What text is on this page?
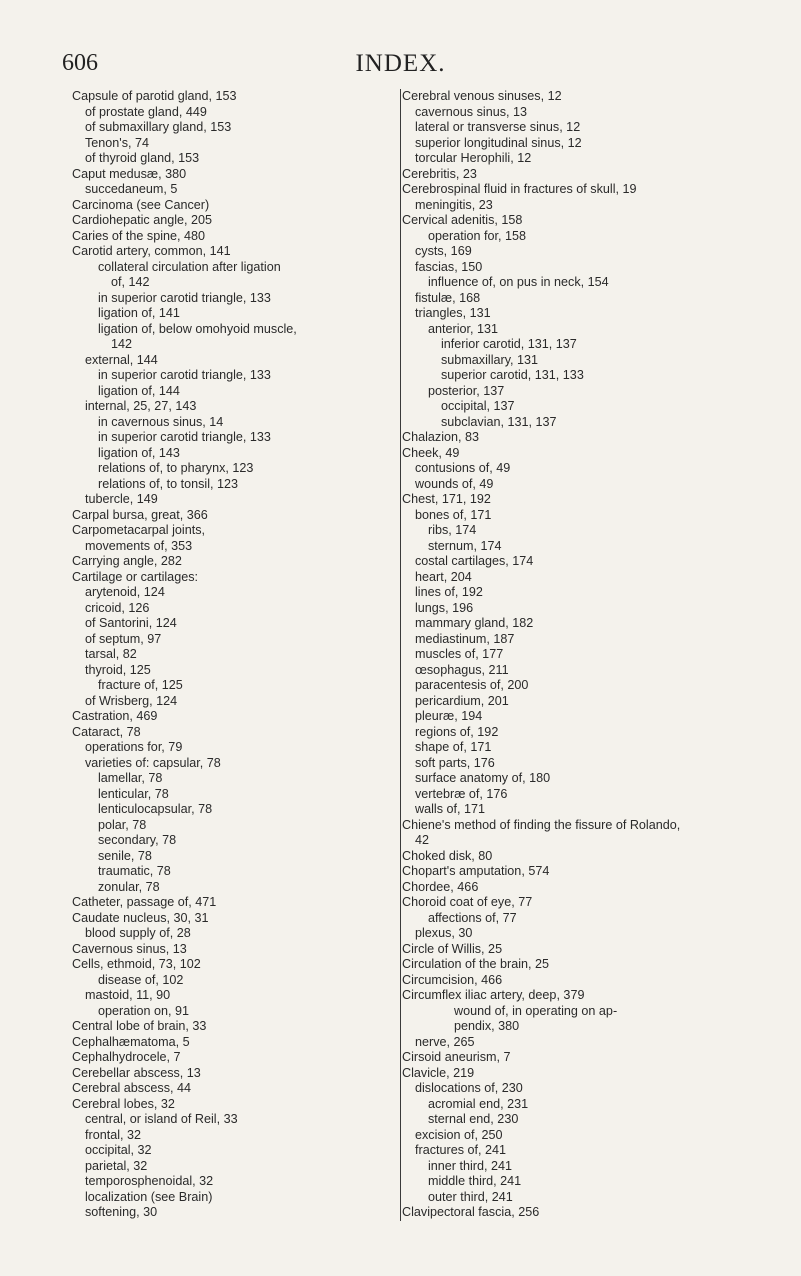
606	INDEX.
Capsule of parotid gland, 153
of prostate gland, 449
of submaxillary gland, 153
Tenon's, 74
of thyroid gland, 153
Caput medusæ, 380
succedaneum, 5
Carcinoma (see Cancer)
Cardiohepatic angle, 205
Caries of the spine, 480
Carotid artery, common, 141
collateral circulation after ligation
of, 142
in superior carotid triangle, 133
ligation of, 141
ligation of, below omohyoid muscle,
142
external, 144
in superior carotid triangle, 133
ligation of, 144
internal, 25, 27, 143
in cavernous sinus, 14
in superior carotid triangle, 133
ligation of, 143
relations of, to pharynx, 123
relations of, to tonsil, 123
tubercle, 149
Carpal bursa, great, 366
Carpometacarpal joints,
movements of, 353
Carrying angle, 282
Cartilage or cartilages:
arytenoid, 124
cricoid, 126
of Santorini, 124
of septum, 97
tarsal, 82
thyroid, 125
fracture of, 125
of Wrisberg, 124
Castration, 469
Cataract, 78
operations for, 79
varieties of: capsular, 78
lamellar, 78
lenticular, 78
lenticulocapsular, 78
polar, 78
secondary, 78
senile, 78
traumatic, 78
zonular, 78
Catheter, passage of, 471
Caudate nucleus, 30, 31
blood supply of, 28
Cavernous sinus, 13
Cells, ethmoid, 73, 102
disease of, 102
mastoid, 11, 90
operation on, 91
Central lobe of brain, 33
Cephalhæmatoma, 5
Cephalhydrocele, 7
Cerebellar abscess, 13
Cerebral abscess, 44
Cerebral lobes, 32
central, or island of Reil, 33
frontal, 32
occipital, 32
parietal, 32
temporosphenoidal, 32
localization (see Brain)
softening, 30
Cerebral venous sinuses, 12
cavernous sinus, 13
lateral or transverse sinus, 12
superior longitudinal sinus, 12
torcular Herophili, 12
Cerebritis, 23
Cerebrospinal fluid in fractures of skull, 19
meningitis, 23
Cervical adenitis, 158
operation for, 158
cysts, 169
fascias, 150
influence of, on pus in neck, 154
fistulæ, 168
triangles, 131
anterior, 131
inferior carotid, 131, 137
submaxillary, 131
superior carotid, 131, 133
posterior, 137
occipital, 137
subclavian, 131, 137
Chalazion, 83
Cheek, 49
contusions of, 49
wounds of, 49
Chest, 171, 192
bones of, 171
ribs, 174
sternum, 174
costal cartilages, 174
heart, 204
lines of, 192
lungs, 196
mammary gland, 182
mediastinum, 187
muscles of, 177
œsophagus, 211
paracentesis of, 200
pericardium, 201
pleuræ, 194
regions of, 192
shape of, 171
soft parts, 176
surface anatomy of, 180
vertebræ of, 176
walls of, 171
Chiene's method of finding the fissure of Rolando,
42
Choked disk, 80
Chopart's amputation, 574
Chordee, 466
Choroid coat of eye, 77
affections of, 77
plexus, 30
Circle of Willis, 25
Circulation of the brain, 25
Circumcision, 466
Circumflex iliac artery, deep, 379
wound of, in operating on ap-
pendix, 380
nerve, 265
Cirsoid aneurism, 7
Clavicle, 219
dislocations of, 230
acromial end, 231
sternal end, 230
excision of, 250
fractures of, 241
inner third, 241
middle third, 241
outer third, 241
Clavipectoral fascia, 256
